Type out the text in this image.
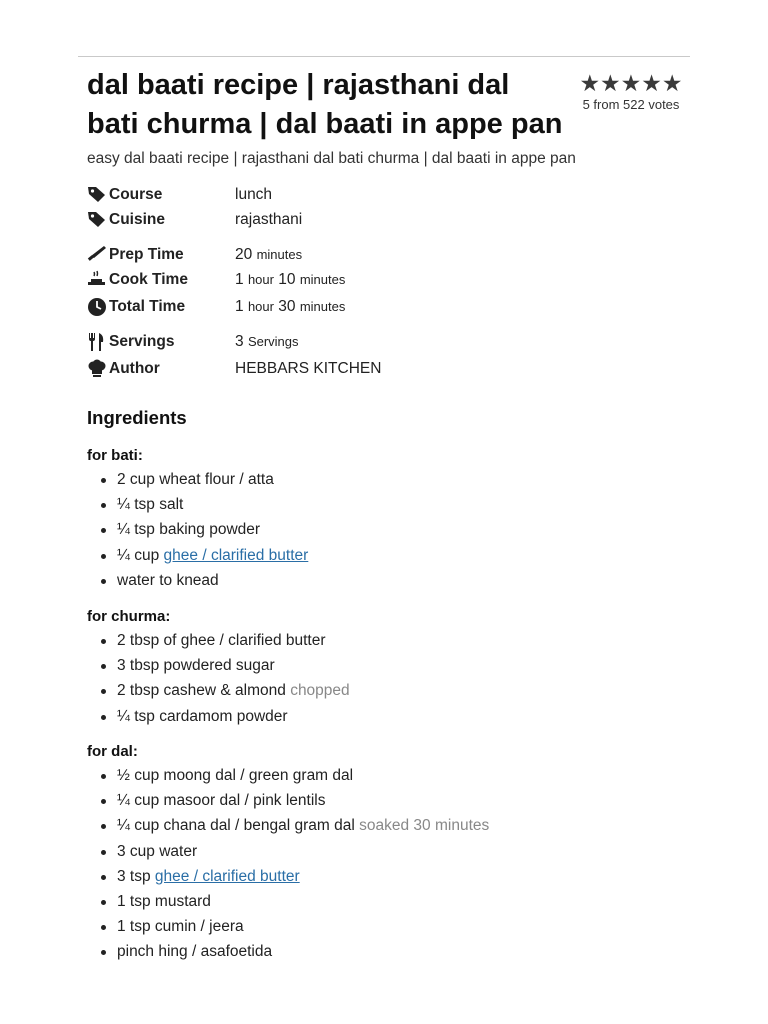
dal baati recipe | rajasthani dal bati churma | dal baati in appe pan
★★★★★
5 from 522 votes
easy dal baati recipe | rajasthani dal bati churma | dal baati in appe pan
Course	lunch
Cuisine	rajasthani
Prep Time	20 minutes
Cook Time	1 hour 10 minutes
Total Time	1 hour 30 minutes
Servings	3 Servings
Author	HEBBARS KITCHEN
Ingredients
for bati:
2 cup wheat flour / atta
¼ tsp salt
¼ tsp baking powder
¼ cup ghee / clarified butter
water to knead
for churma:
2 tbsp of ghee / clarified butter
3 tbsp powdered sugar
2 tbsp cashew & almond chopped
¼ tsp cardamom powder
for dal:
½ cup moong dal / green gram dal
¼ cup masoor dal / pink lentils
¼ cup chana dal / bengal gram dal soaked 30 minutes
3 cup water
3 tsp ghee / clarified butter
1 tsp mustard
1 tsp cumin / jeera
pinch hing / asafoetida
